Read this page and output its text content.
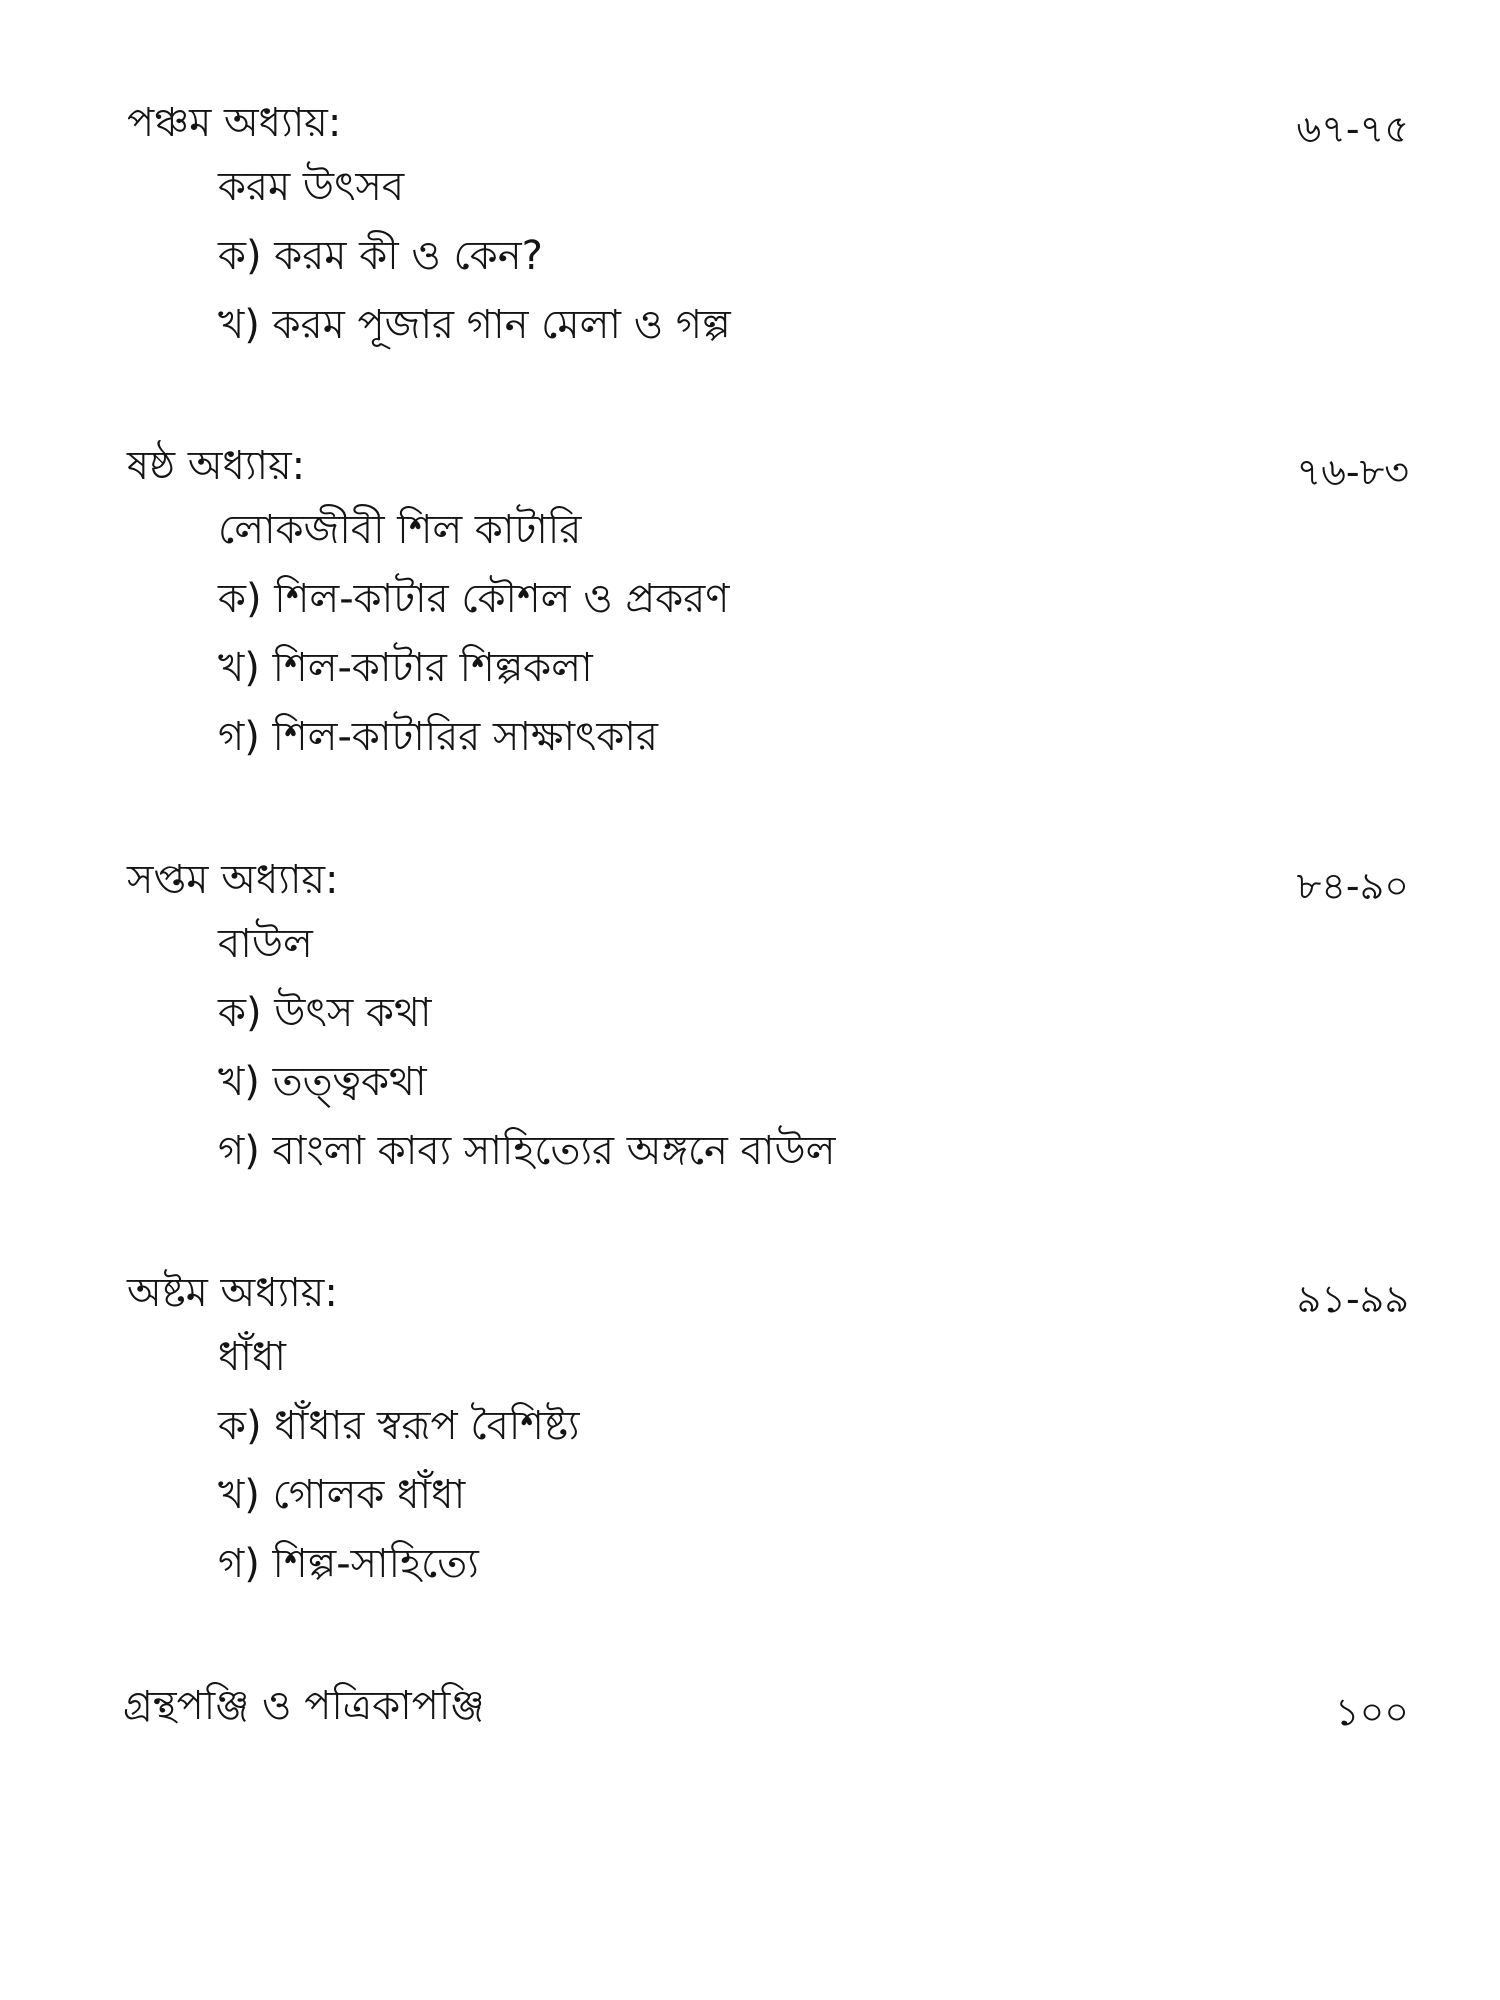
পঞ্চম অধ্যায়:	৬৭-৭৫
করম উৎসব
ক) করম কী ও কেন?
খ) করম পূজার গান মেলা ও গল্প
ষষ্ঠ অধ্যায়:	৭৬-৮৩
লোকজীবী শিল কাটারি
ক) শিল-কাটার কৌশল ও প্রকরণ
খ) শিল-কাটার শিল্পকলা
গ) শিল-কাটারির সাক্ষাৎকার
সপ্তম অধ্যায়:	৮৪-৯০
বাউল
ক) উৎস কথা
খ) তত্ত্বকথা
গ) বাংলা কাব্য সাহিত্যের অঙ্গনে বাউল
অষ্টম অধ্যায়:	৯১-৯৯
ধাঁধা
ক) ধাঁধার স্বরূপ বৈশিষ্ট্য
খ) গোলক ধাঁধা
গ) শিল্প-সাহিত্যে
গ্রন্থপঞ্জি ও পত্রিকাপঞ্জি	১০০
